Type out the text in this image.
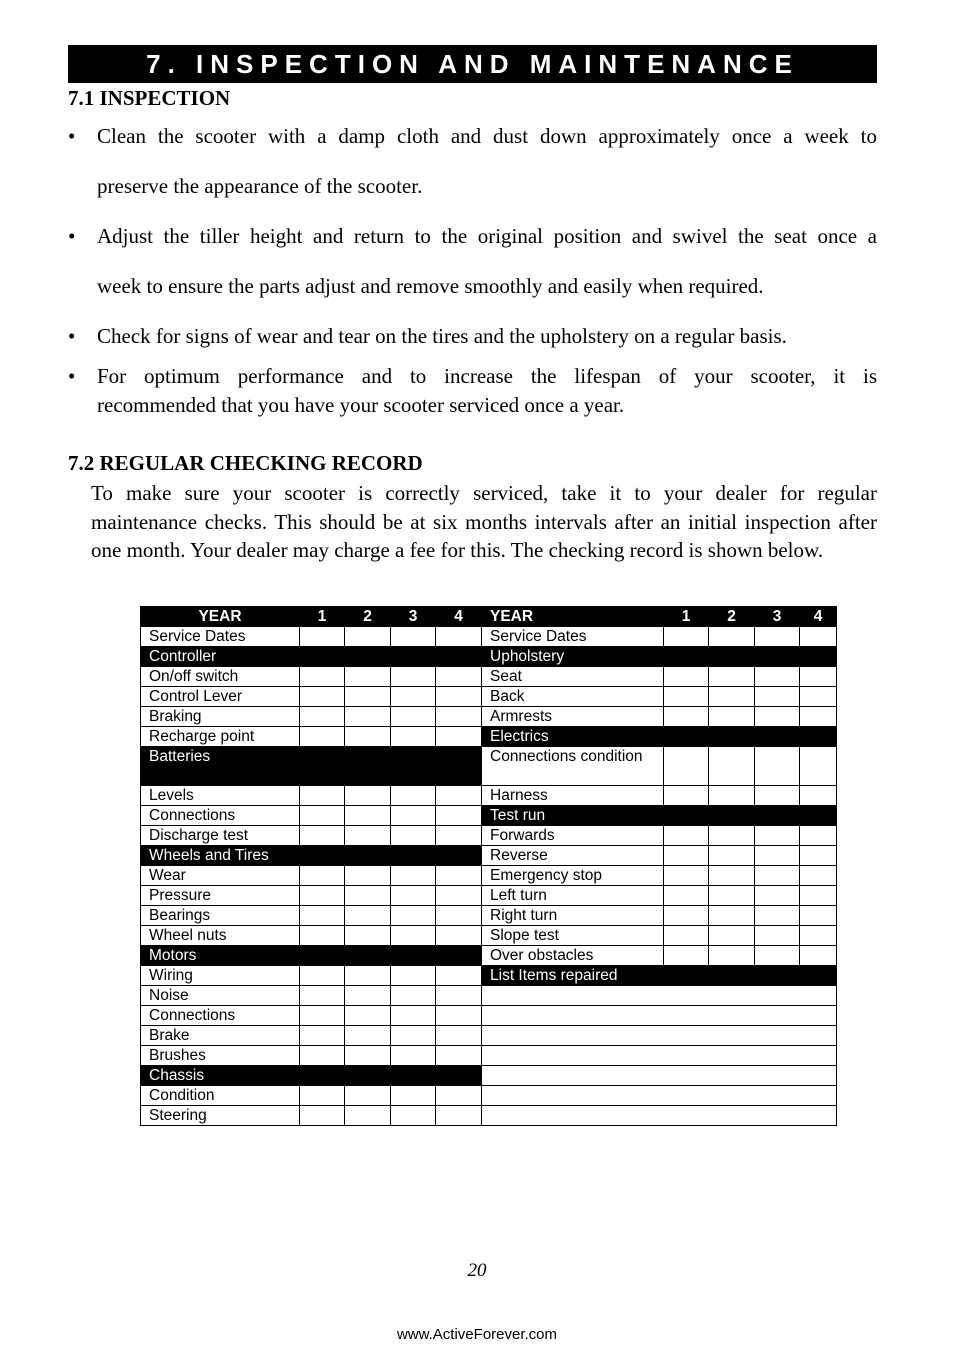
7. INSPECTION AND MAINTENANCE
7.1 INSPECTION
• Clean the scooter with a damp cloth and dust down approximately once a week to
preserve the appearance of the scooter.
• Adjust the tiller height and return to the original position and swivel the seat once a
week to ensure the parts adjust and remove smoothly and easily when required.
• Check for signs of wear and tear on the tires and the upholstery on a regular basis.
• For optimum performance and to increase the lifespan of your scooter, it is
recommended that you have your scooter serviced once a year.
7.2 REGULAR CHECKING RECORD
To make sure your scooter is correctly serviced, take it to your dealer for regular maintenance checks. This should be at six months intervals after an initial inspection after one month. Your dealer may charge a fee for this. The checking record is shown below.
YEAR	1	2	3	4	YEAR	1	2	3	4
Service Dates					Service Dates				
Controller					Upholstery				
On/off switch					Seat				
Control Lever					Back				
Braking					Armrests				
Recharge point					Electrics				
Batteries					Connections condition				
Levels					Harness				
Connections					Test run				
Discharge test					Forwards				
Wheels and Tires					Reverse				
Wear					Emergency stop				
Pressure					Left turn				
Bearings					Right turn				
Wheel nuts					Slope test				
Motors					Over obstacles				
Wiring					List Items repaired				
Noise									
Connections									
Brake									
Brushes									
Chassis									
Condition									
Steering									
20
www.ActiveForever.com
